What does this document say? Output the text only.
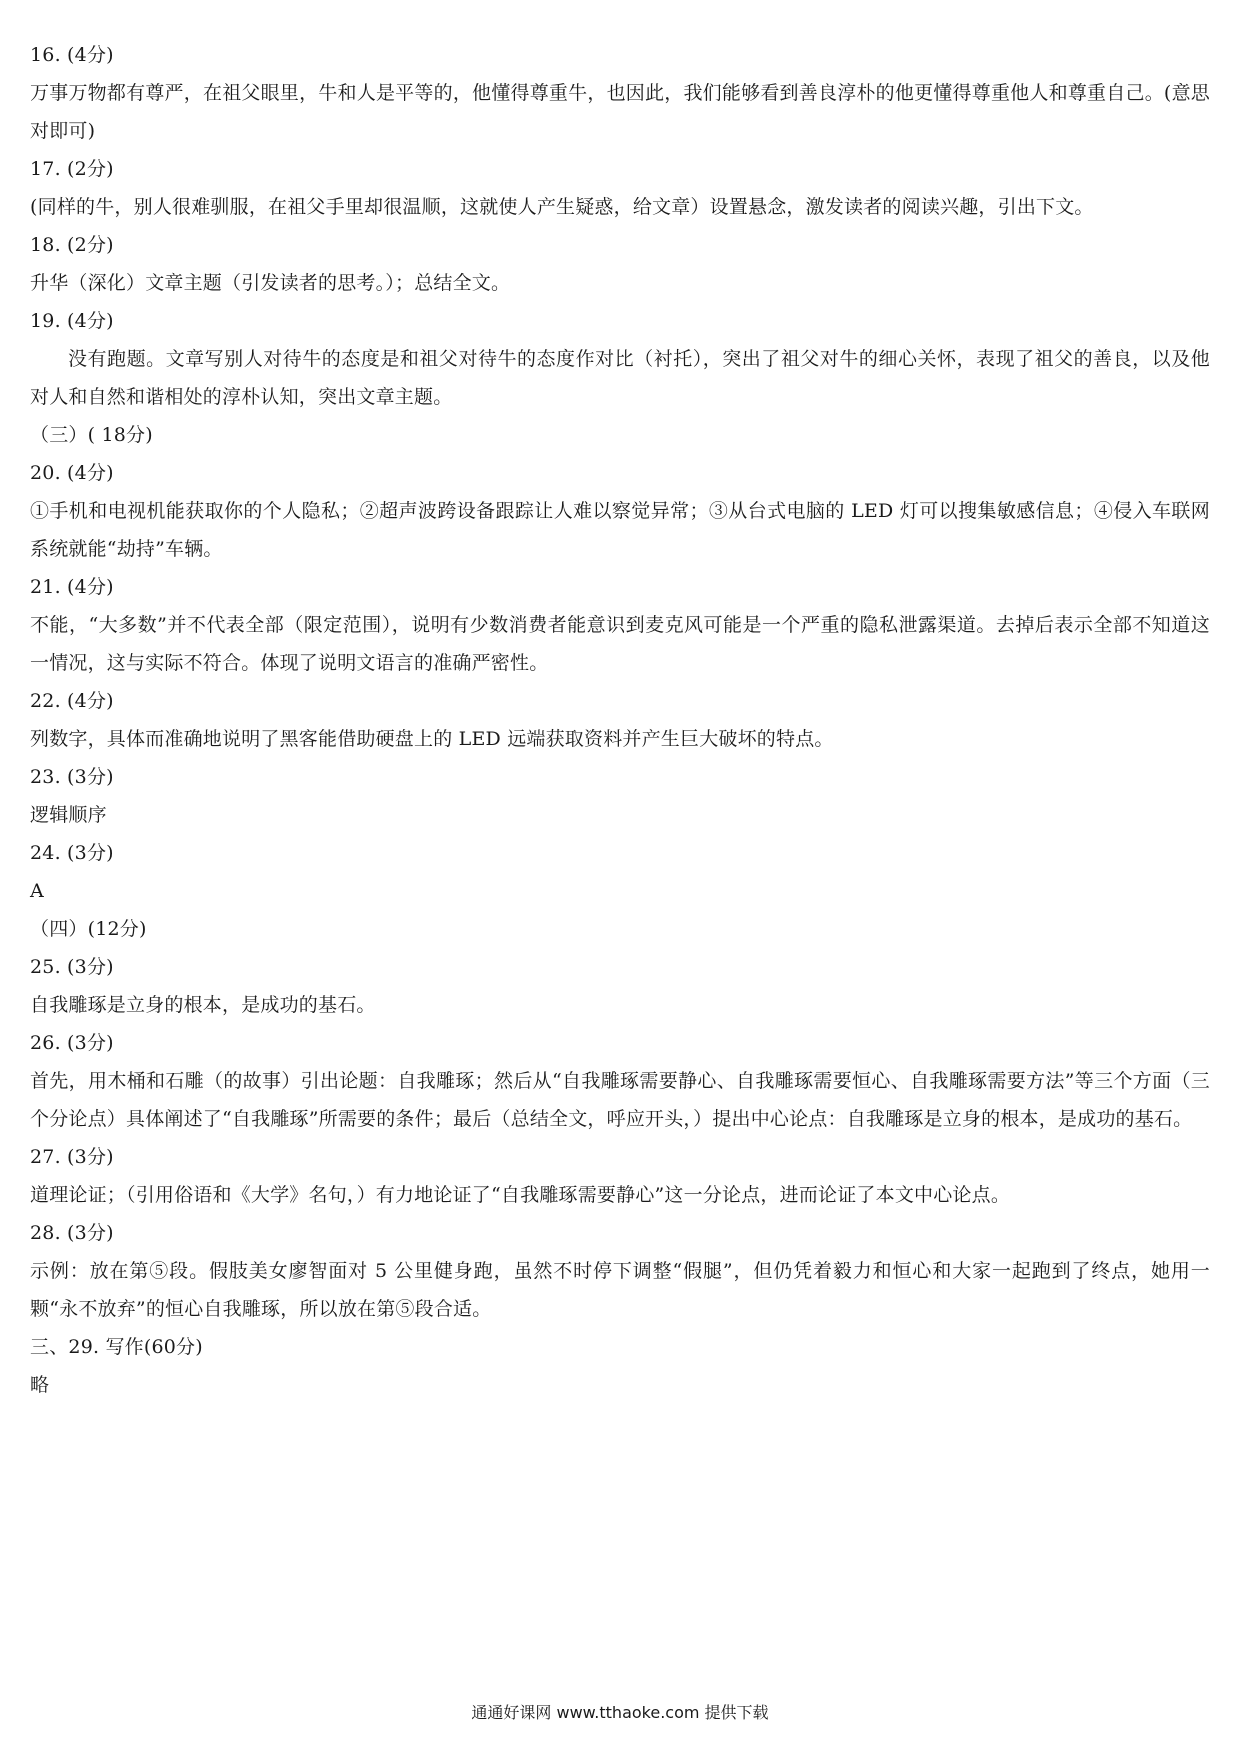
16. (4分)
万事万物都有尊严，在祖父眼里，牛和人是平等的，他懂得尊重牛，也因此，我们能够看到善良淳朴的他更懂得尊重他人和尊重自己。(意思对即可)
17. (2分)
(同样的牛，别人很难驯服，在祖父手里却很温顺，这就使人产生疑惑，给文章）设置悬念，激发读者的阅读兴趣，引出下文。
18. (2分)
升华（深化）文章主题（引发读者的思考。）；总结全文。
19. (4分)
没有跑题。文章写别人对待牛的态度是和祖父对待牛的态度作对比（衬托），突出了祖父对牛的细心关怀，表现了祖父的善良，以及他对人和自然和谐相处的淳朴认知，突出文章主题。
（三）( 18分)
20. (4分)
①手机和电视机能获取你的个人隐私；②超声波跨设备跟踪让人难以察觉异常；③从台式电脑的 LED 灯可以搜集敏感信息；④侵入车联网系统就能“劫持”车辆。
21. (4分)
不能，“大多数”并不代表全部（限定范围），说明有少数消费者能意识到麦克风可能是一个严重的隐私泄露渠道。去掉后表示全部不知道这一情况，这与实际不符合。体现了说明文语言的准确严密性。
22. (4分)
列数字，具体而准确地说明了黑客能借助硬盘上的 LED 远端获取资料并产生巨大破坏的特点。
23. (3分)
逻辑顺序
24. (3分)
A
（四）(12分)
25. (3分)
自我雕琢是立身的根本，是成功的基石。
26. (3分)
首先，用木桶和石雕（的故事）引出论题：自我雕琢；然后从“自我雕琢需要静心、自我雕琢需要恒心、自我雕琢需要方法”等三个方面（三个分论点）具体阐述了“自我雕琢”所需要的条件；最后（总结全文，呼应开头，）提出中心论点：自我雕琢是立身的根本，是成功的基石。
27. (3分)
道理论证；（引用俗语和《大学》名句，）有力地论证了“自我雕琢需要静心”这一分论点，进而论证了本文中心论点。
28. (3分)
示例：放在第⑤段。假肢美女廖智面对 5 公里健身跑，虽然不时停下调整“假腿”，但仍凭着毅力和恒心和大家一起跑到了终点，她用一颗“永不放弃”的恒心自我雕琢，所以放在第⑤段合适。
三、29. 写作(60分)
略
通通好课网 www.tthaoke.com 提供下载
